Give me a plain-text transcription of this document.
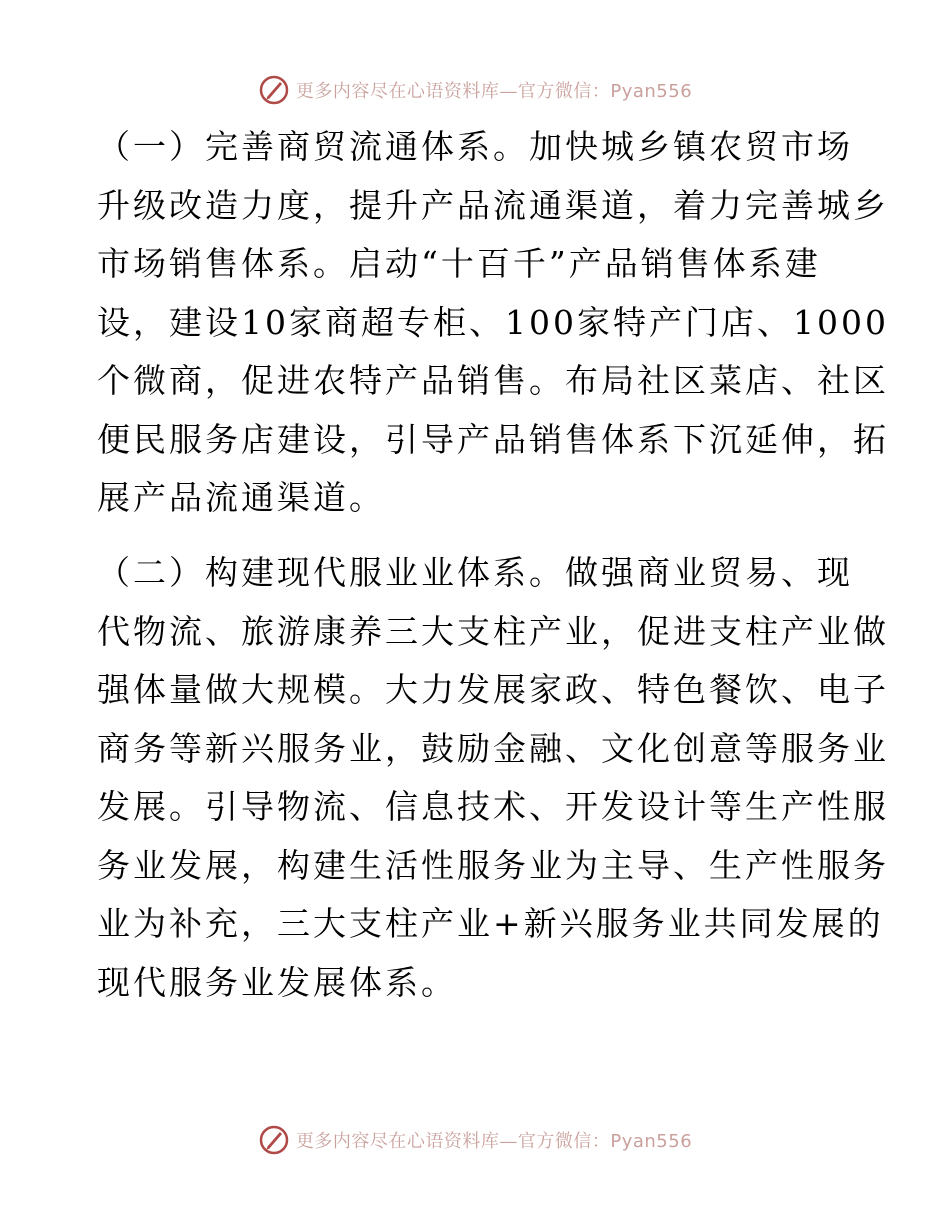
更多内容尽在心语资料库—官方微信：Pyan556
（一）完善商贸流通体系。加快城乡镇农贸市场
升级改造力度，提升产品流通渠道，着力完善城乡
市场销售体系。启动“十百千”产品销售体系建
设，建设10家商超专柜、100家特产门店、1000
个微商，促进农特产品销售。布局社区菜店、社区
便民服务店建设，引导产品销售体系下沉延伸，拓
展产品流通渠道。
（二）构建现代服业业体系。做强商业贸易、现
代物流、旅游康养三大支柱产业，促进支柱产业做
强体量做大规模。大力发展家政、特色餐饮、电子
商务等新兴服务业，鼓励金融、文化创意等服务业
发展。引导物流、信息技术、开发设计等生产性服
务业发展，构建生活性服务业为主导、生产性服务
业为补充，三大支柱产业+新兴服务业共同发展的
现代服务业发展体系。
更多内容尽在心语资料库—官方微信：Pyan556
